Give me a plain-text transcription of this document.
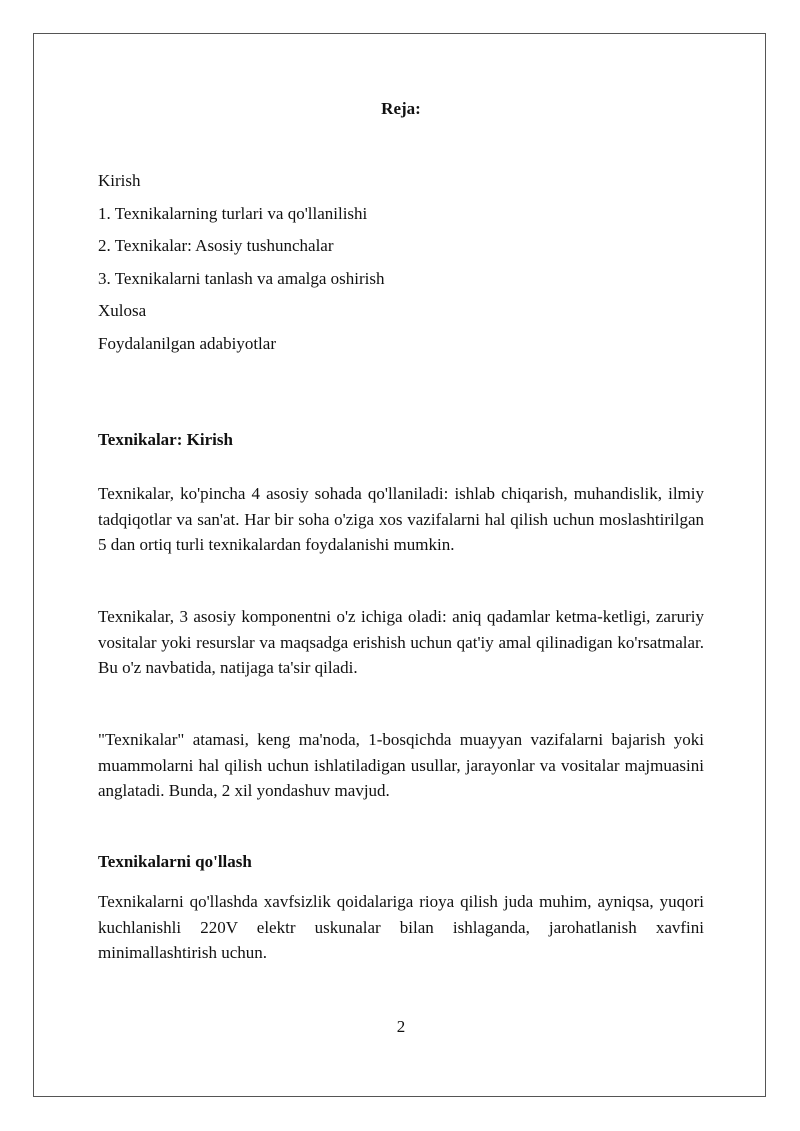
Reja:
Kirish
1. Texnikalarning turlari va qo'llanilishi
2. Texnikalar: Asosiy tushunchalar
3. Texnikalarni tanlash va amalga oshirish
Xulosa
Foydalanilgan adabiyotlar
Texnikalar: Kirish

Texnikalar, ko'pincha 4 asosiy sohada qo'llaniladi: ishlab chiqarish, muhandislik, ilmiy tadqiqotlar va san'at. Har bir soha o'ziga xos vazifalarni hal qilish uchun moslashtirilgan 5 dan ortiq turli texnikalardan foydalanishi mumkin.

Texnikalar, 3 asosiy komponentni o'z ichiga oladi: aniq qadamlar ketma-ketligi, zaruriy vositalar yoki resurslar va maqsadga erishish uchun qat'iy amal qilinadigan ko'rsatmalar. Bu o'z navbatida, natijaga ta'sir qiladi.

"Texnikalar" atamasi, keng ma'noda, 1-bosqichda muayyan vazifalarni bajarish yoki muammolarni hal qilish uchun ishlatiladigan usullar, jarayonlar va vositalar majmuasini anglatadi. Bunda, 2 xil yondashuv mavjud.

Texnikalarni qo'llash

Texnikalarni qo'llashda xavfsizlik qoidalariga rioya qilish juda muhim, ayniqsa, yuqori kuchlanishli 220V elektr uskunalar bilan ishlaganda, jarohatlanish xavfini minimallashtirish uchun.

2
